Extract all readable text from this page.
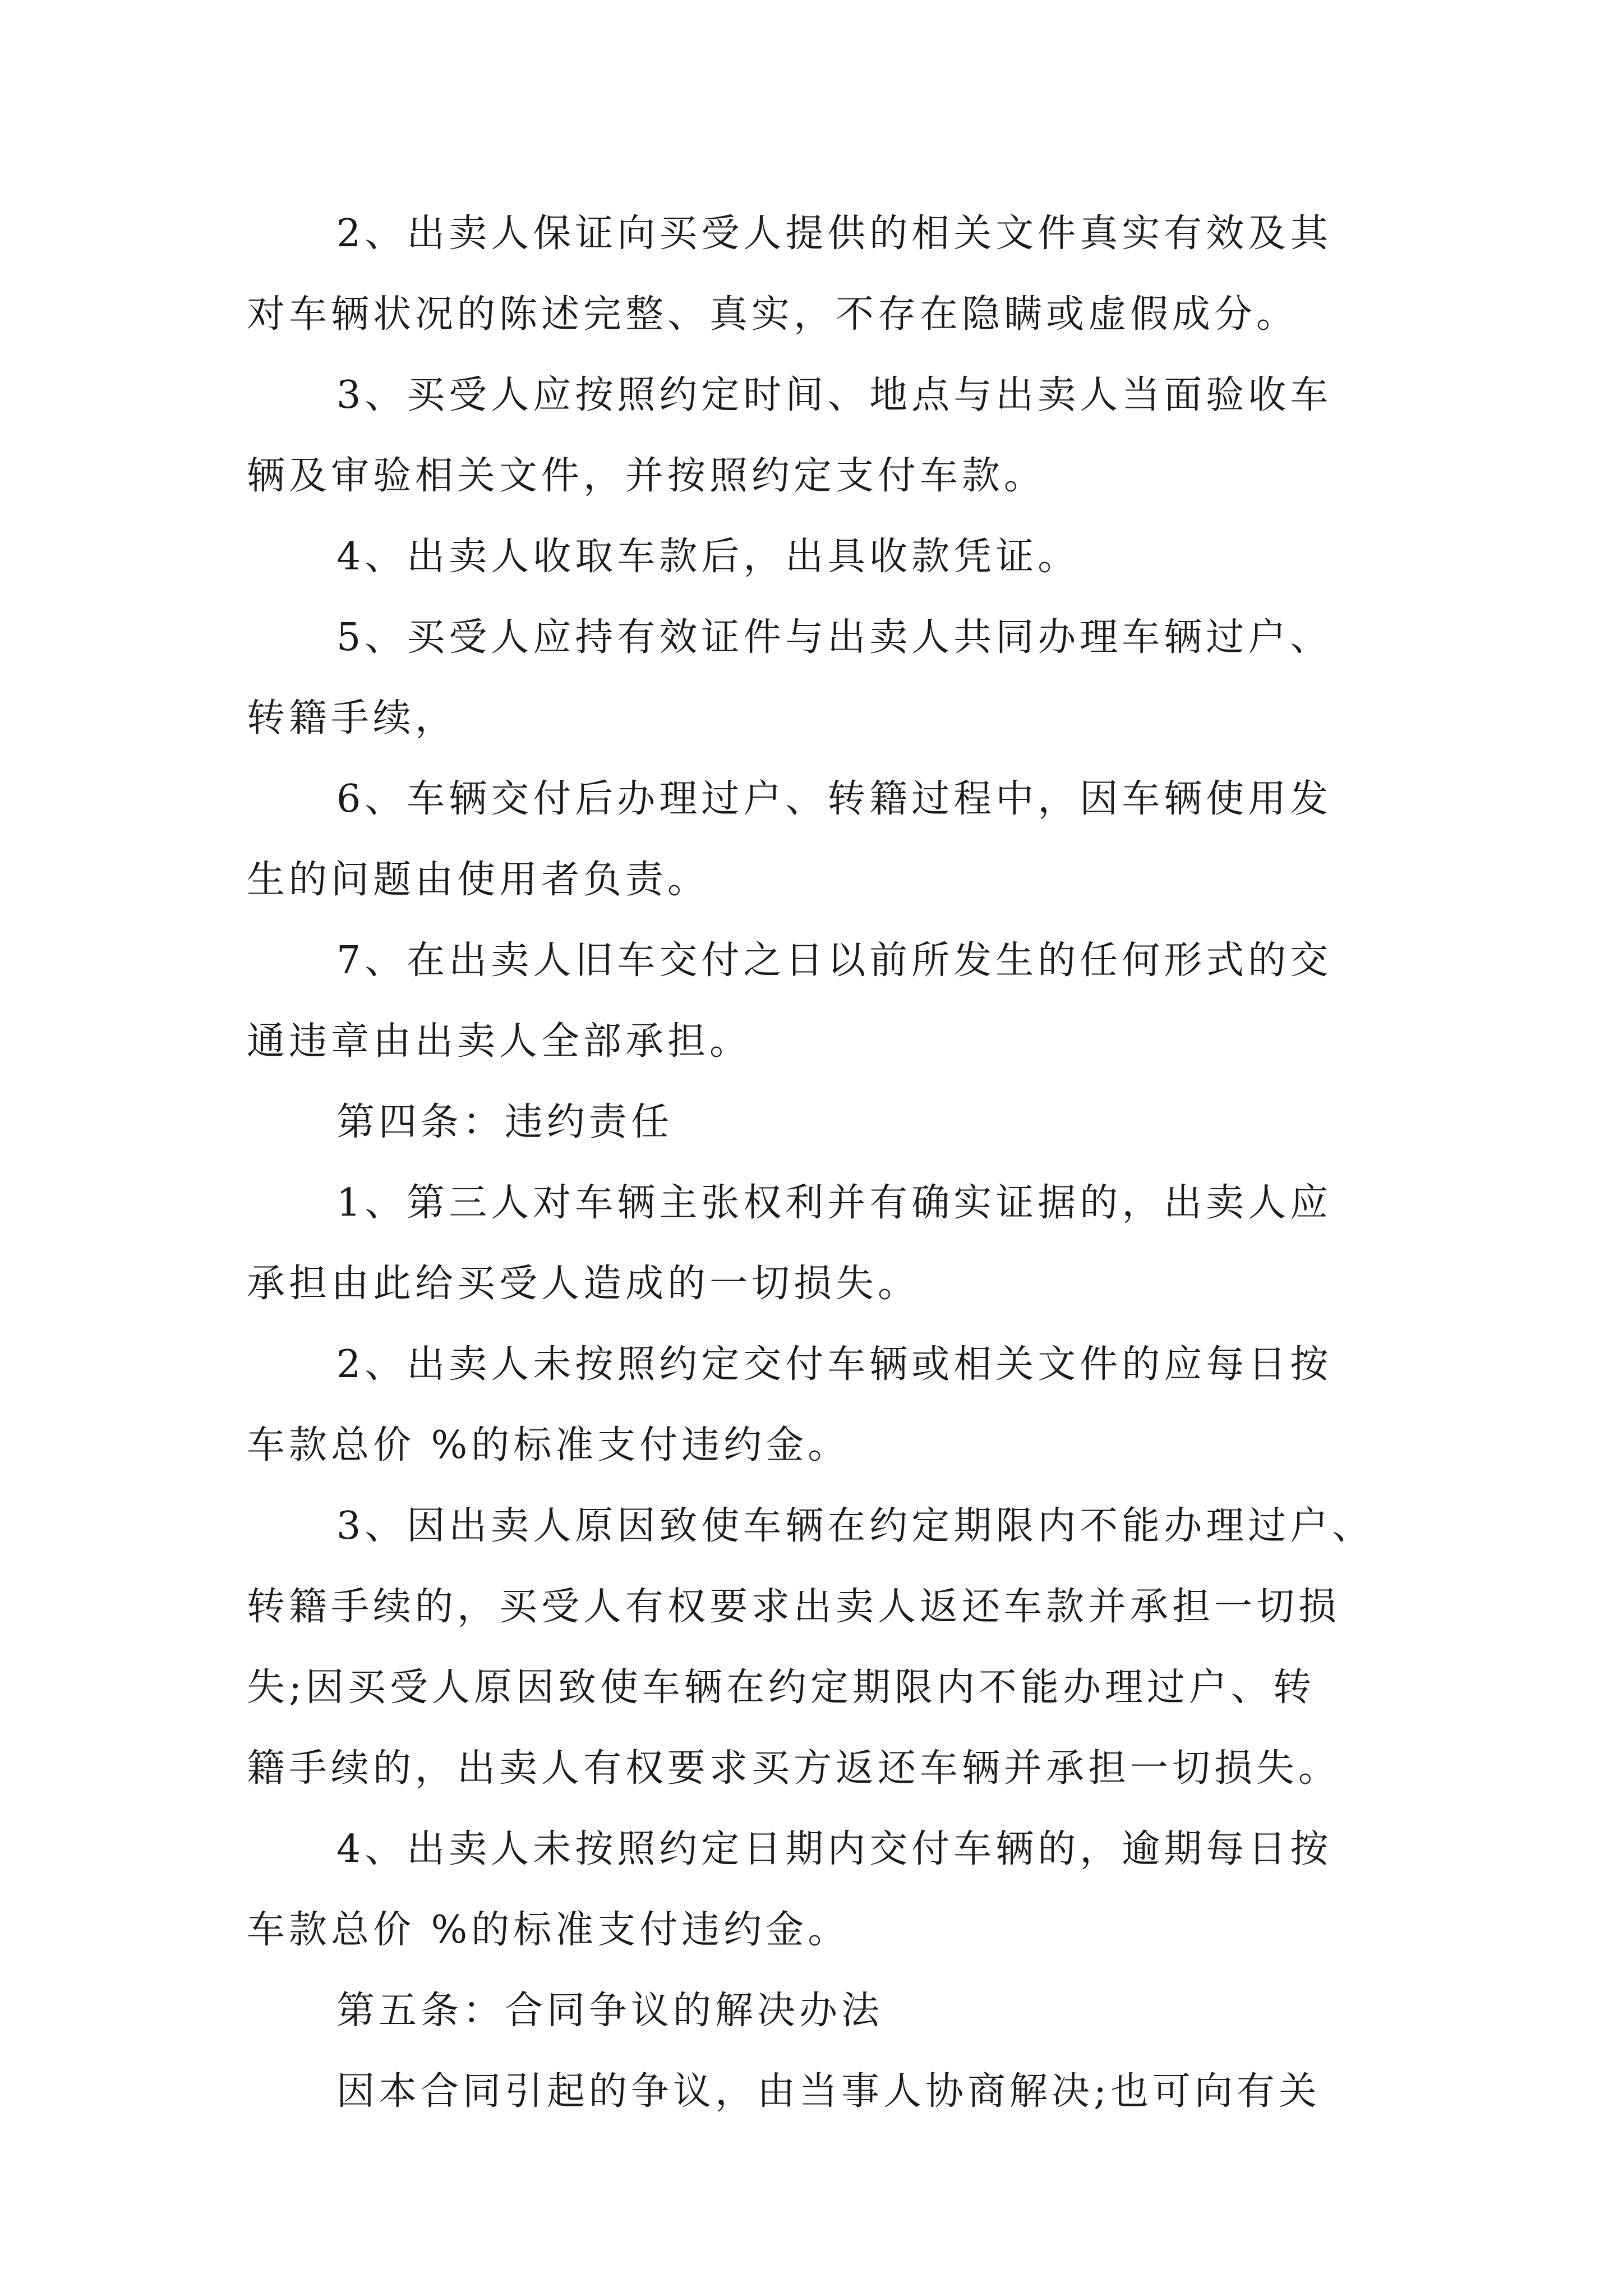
2、出卖人保证向买受人提供的相关文件真实有效及其
对车辆状况的陈述完整、真实，不存在隐瞒或虚假成分。
3、买受人应按照约定时间、地点与出卖人当面验收车
辆及审验相关文件，并按照约定支付车款。
4、出卖人收取车款后，出具收款凭证。
5、买受人应持有效证件与出卖人共同办理车辆过户、
转籍手续，
6、车辆交付后办理过户、转籍过程中，因车辆使用发
生的问题由使用者负责。
7、在出卖人旧车交付之日以前所发生的任何形式的交
通违章由出卖人全部承担。
第四条：违约责任
1、第三人对车辆主张权利并有确实证据的，出卖人应
承担由此给买受人造成的一切损失。
2、出卖人未按照约定交付车辆或相关文件的应每日按
车款总价 %的标准支付违约金。
3、因出卖人原因致使车辆在约定期限内不能办理过户、
转籍手续的，买受人有权要求出卖人返还车款并承担一切损
失;因买受人原因致使车辆在约定期限内不能办理过户、转
籍手续的，出卖人有权要求买方返还车辆并承担一切损失。
4、出卖人未按照约定日期内交付车辆的，逾期每日按
车款总价 %的标准支付违约金。
第五条：合同争议的解决办法
因本合同引起的争议，由当事人协商解决;也可向有关
